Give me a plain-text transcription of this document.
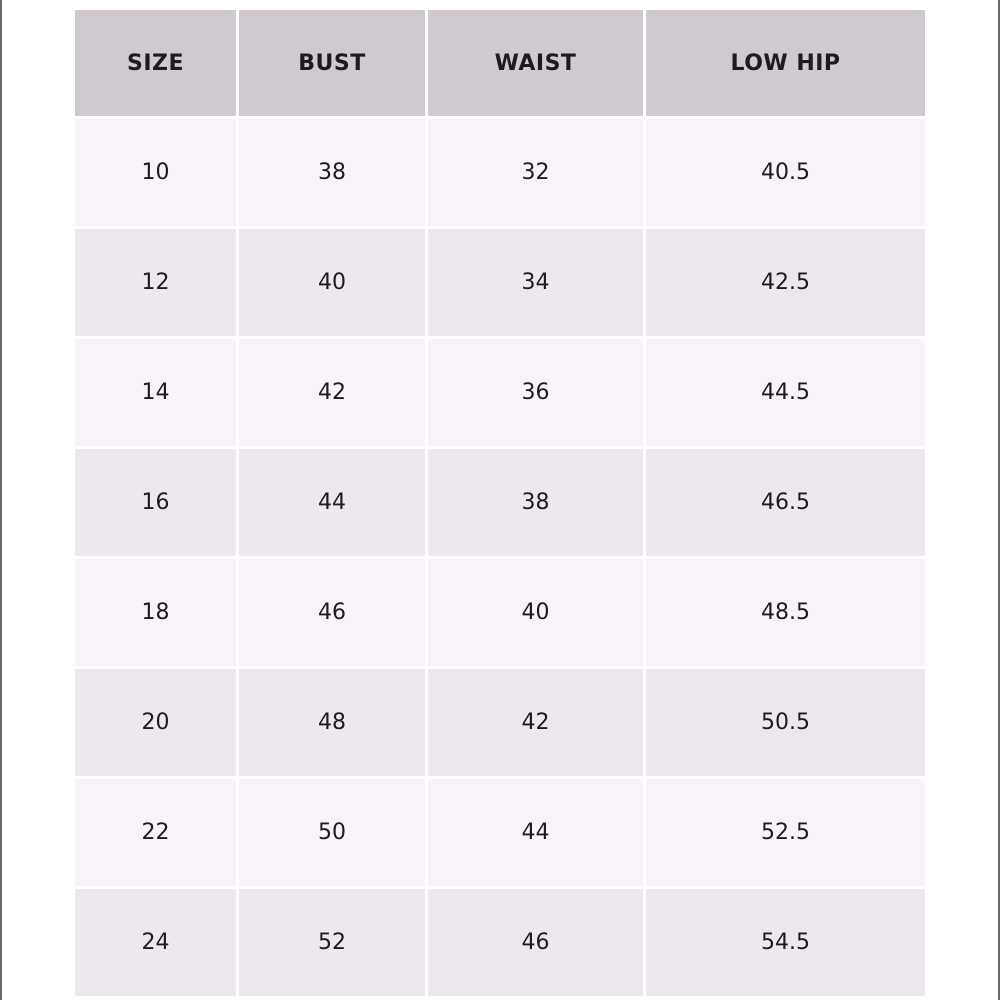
SIZE	BUST	WAIST	LOW HIP
10	38	32	40.5
12	40	34	42.5
14	42	36	44.5
16	44	38	46.5
18	46	40	48.5
20	48	42	50.5
22	50	44	52.5
24	52	46	54.5
